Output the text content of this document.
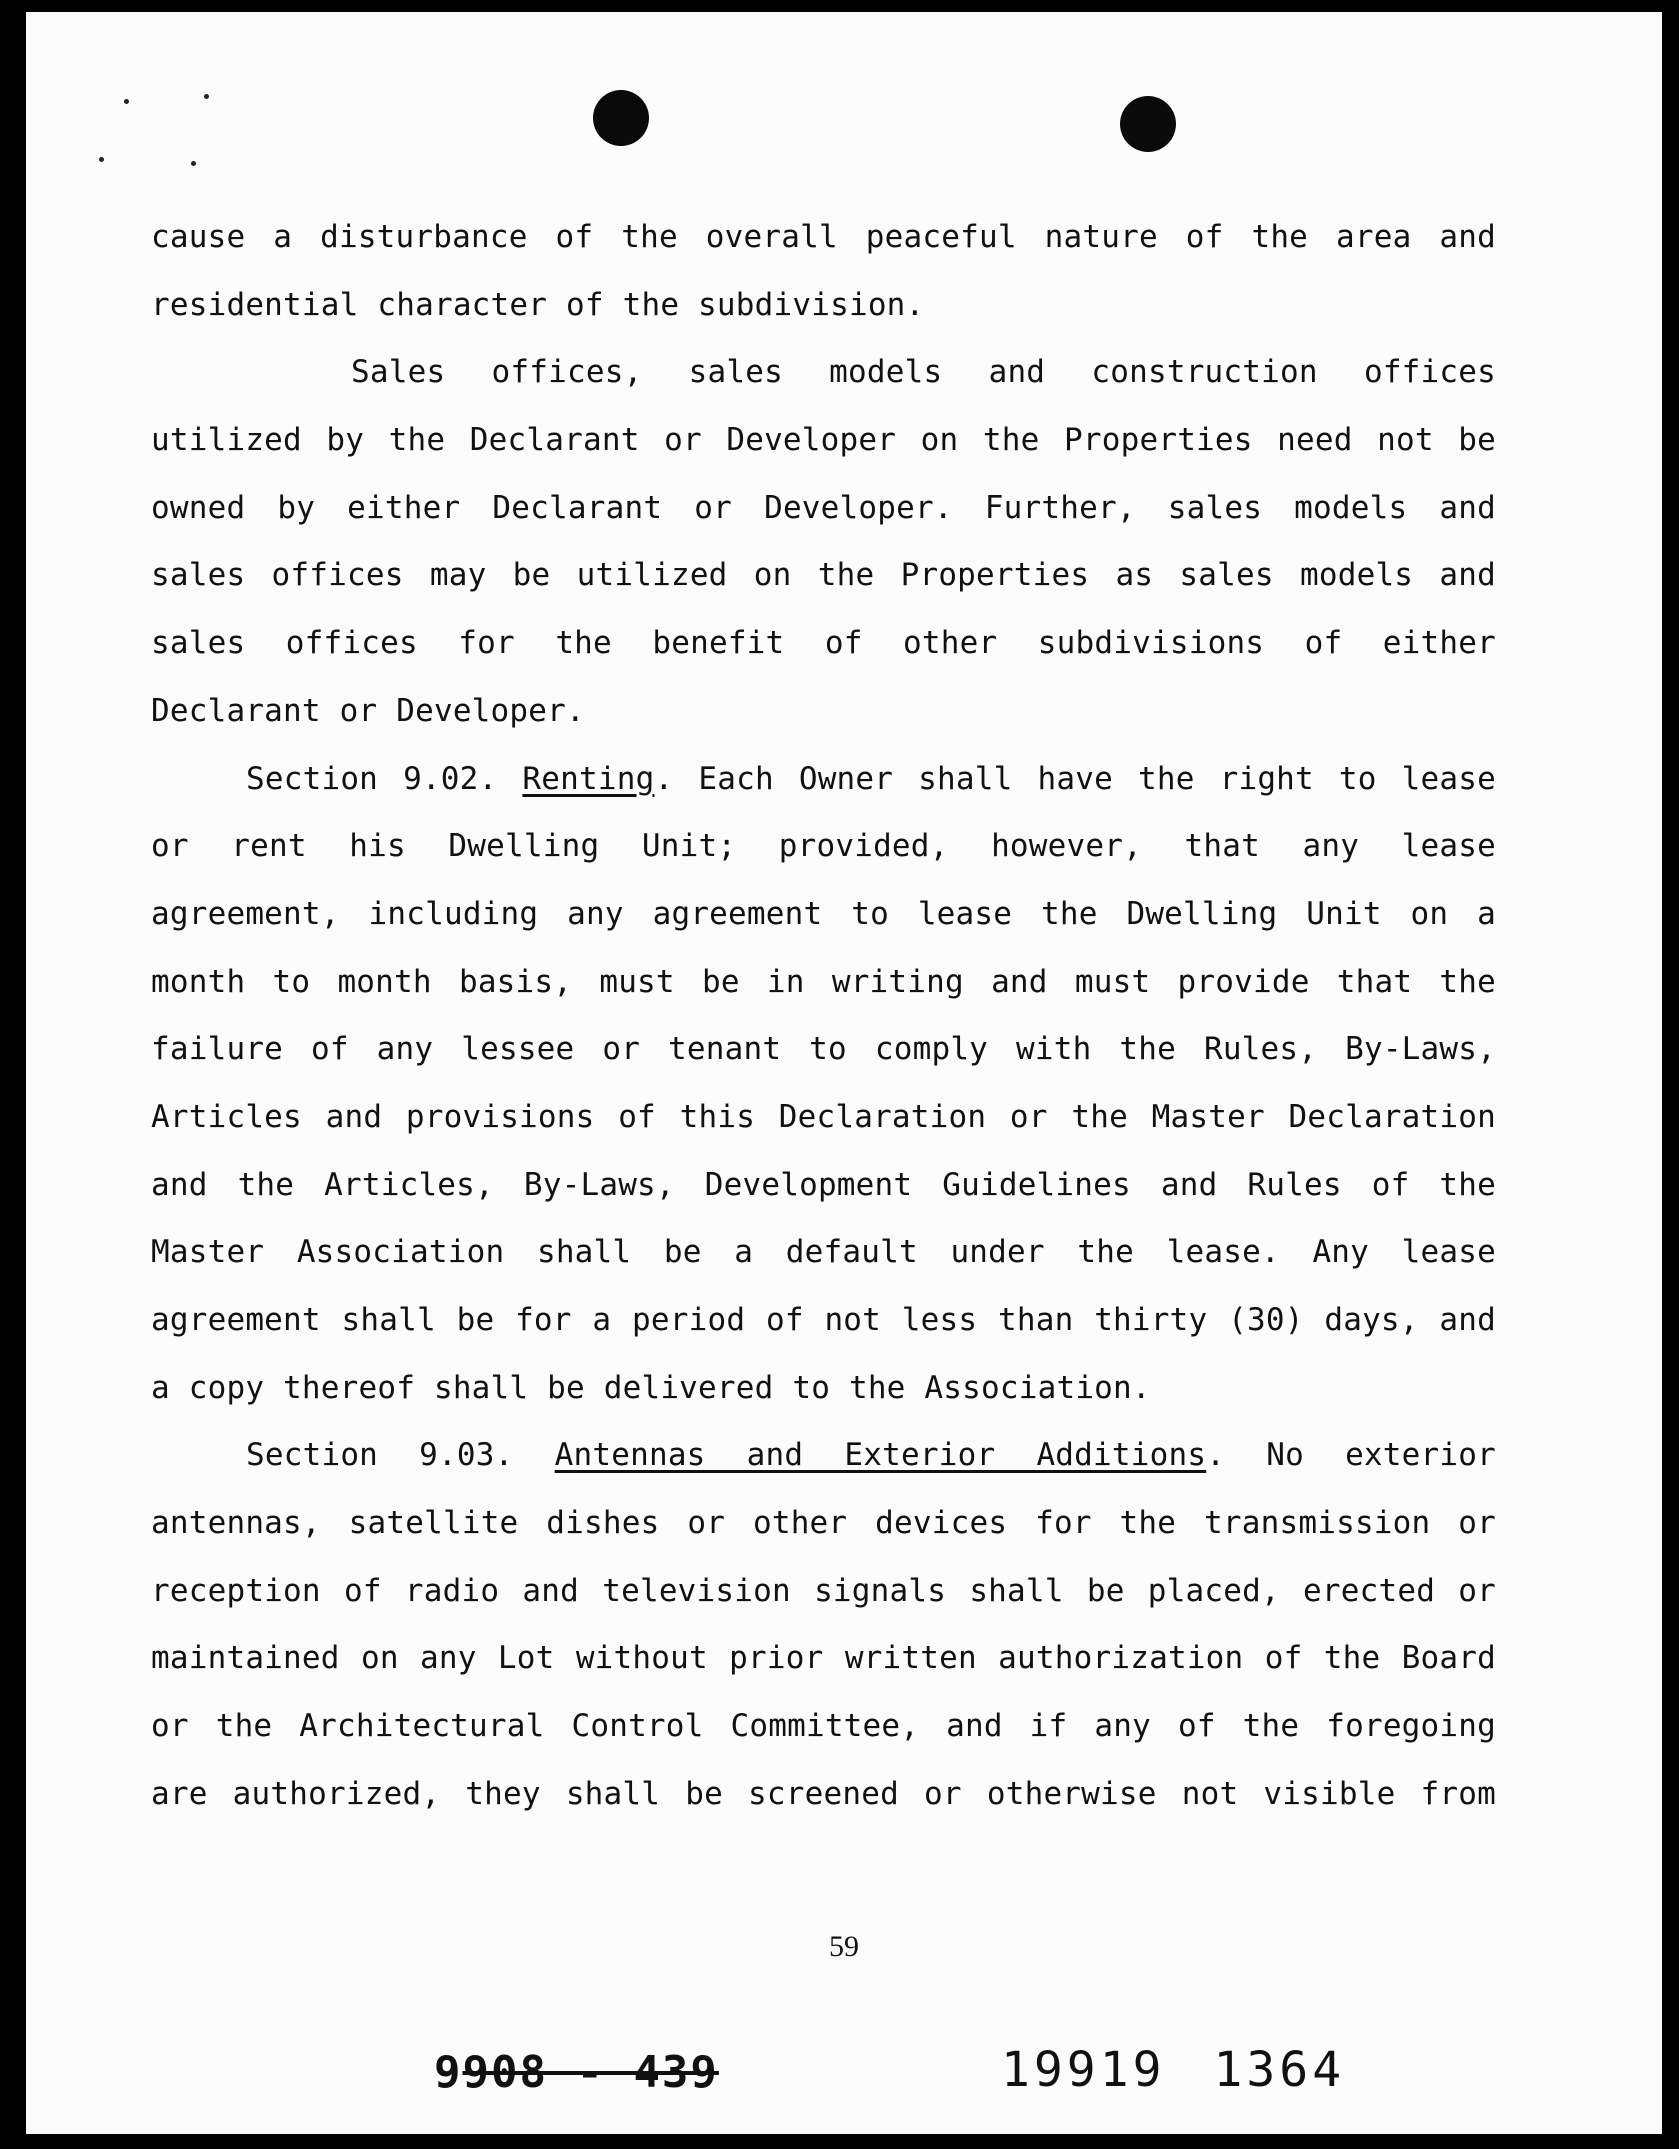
cause a disturbance of the overall peaceful nature of the area and
residential character of the subdivision.
Sales offices, sales models and construction offices
utilized by the Declarant or Developer on the Properties need not be
owned by either Declarant or Developer. Further, sales models and
sales offices may be utilized on the Properties as sales models and
sales offices for the benefit of other subdivisions of either
Declarant or Developer.
Section 9.02. Renting. Each Owner shall have the right to lease
or rent his Dwelling Unit; provided, however, that any lease
agreement, including any agreement to lease the Dwelling Unit on a
month to month basis, must be in writing and must provide that the
failure of any lessee or tenant to comply with the Rules, By-Laws,
Articles and provisions of this Declaration or the Master Declaration
and the Articles, By-Laws, Development Guidelines and Rules of the
Master Association shall be a default under the lease. Any lease
agreement shall be for a period of not less than thirty (30) days, and
a copy thereof shall be delivered to the Association.
Section 9.03. Antennas and Exterior Additions. No exterior
antennas, satellite dishes or other devices for the transmission or
reception of radio and television signals shall be placed, erected or
maintained on any Lot without prior written authorization of the Board
or the Architectural Control Committee, and if any of the foregoing
are authorized, they shall be screened or otherwise not visible from
59
9908 - 439	19919 1364
